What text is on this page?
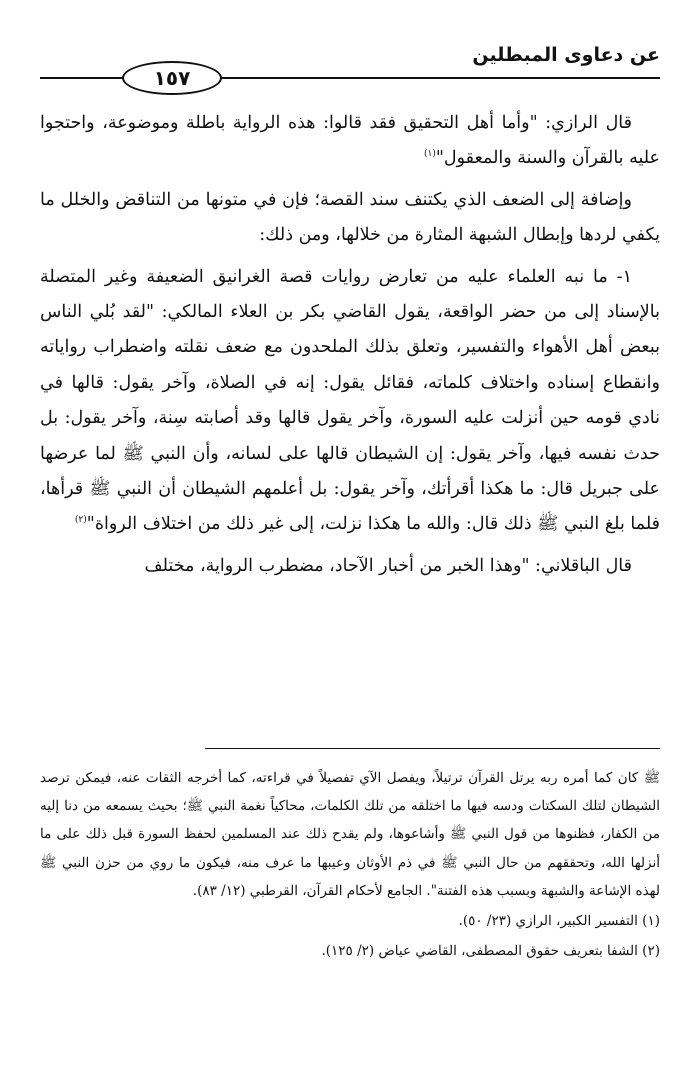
١٥٧
عن دعاوى المبطلين

قال الرازي: "وأما أهل التحقيق فقد قالوا: هذه الرواية باطلة وموضوعة، واحتجوا عليه بالقرآن والسنة والمعقول"$^{(١)}$

وإضافة إلى الضعف الذي يكتنف سند القصة؛ فإن في متونها من التناقض والخلل ما يكفي لردها وإبطال الشبهة المثارة من خلالها، ومن ذلك:

١- ما نبه العلماء عليه من تعارض روايات قصة الغرانيق الضعيفة وغير المتصلة بالإسناد إلى من حضر الواقعة، يقول القاضي بكر بن العلاء المالكي: "لقد بُلي الناس ببعض أهل الأهواء والتفسير، وتعلق بذلك الملحدون مع ضعف نقلته واضطراب رواياته وانقطاع إسناده واختلاف كلماته، فقائل يقول: إنه في الصلاة، وآخر يقول: قالها في نادي قومه حين أنزلت عليه السورة، وآخر يقول قالها وقد أصابته سِنة، وآخر يقول: بل حدث نفسه فيها، وآخر يقول: إن الشيطان قالها على لسانه، وأن النبي ﷺ لما عرضها على جبريل قال: ما هكذا أقرأتك، وآخر يقول: بل أعلمهم الشيطان أن النبي ﷺ قرأها، فلما بلغ النبي ﷺ ذلك قال: والله ما هكذا نزلت، إلى غير ذلك من اختلاف الرواة"$^{(٢)}$

قال الباقلاني: "وهذا الخبر من أخبار الآحاد، مضطرب الرواية، مختلف

ﷺ كان كما أمره ربه يرتل القرآن ترتيلاً، ويفصل الآي تفصيلاً في قراءته، كما أخرجه الثقات عنه، فيمكن ترصد الشيطان لتلك السكتات ودسه فيها ما اختلقه من تلك الكلمات، محاكياً نغمة النبي ﷺ؛ بحيث يسمعه من دنا إليه من الكفار، فظنوها من قول النبي ﷺ وأشاعوها، ولم يقدح ذلك عند المسلمين لحفظ السورة قبل ذلك على ما أنزلها الله، وتحققهم من حال النبي ﷺ في ذم الأوثان وعيبها ما عرف منه، فيكون ما روي من حزن النبي ﷺ لهذه الإشاعة والشبهة وبسبب هذه الفتنة". الجامع لأحكام القرآن، القرطبي (١٢/ ٨٣).

(١) التفسير الكبير، الرازي (٢٣/ ٥٠).

(٢) الشفا بتعريف حقوق المصطفى، القاضي عياض (٢/ ١٢٥).
